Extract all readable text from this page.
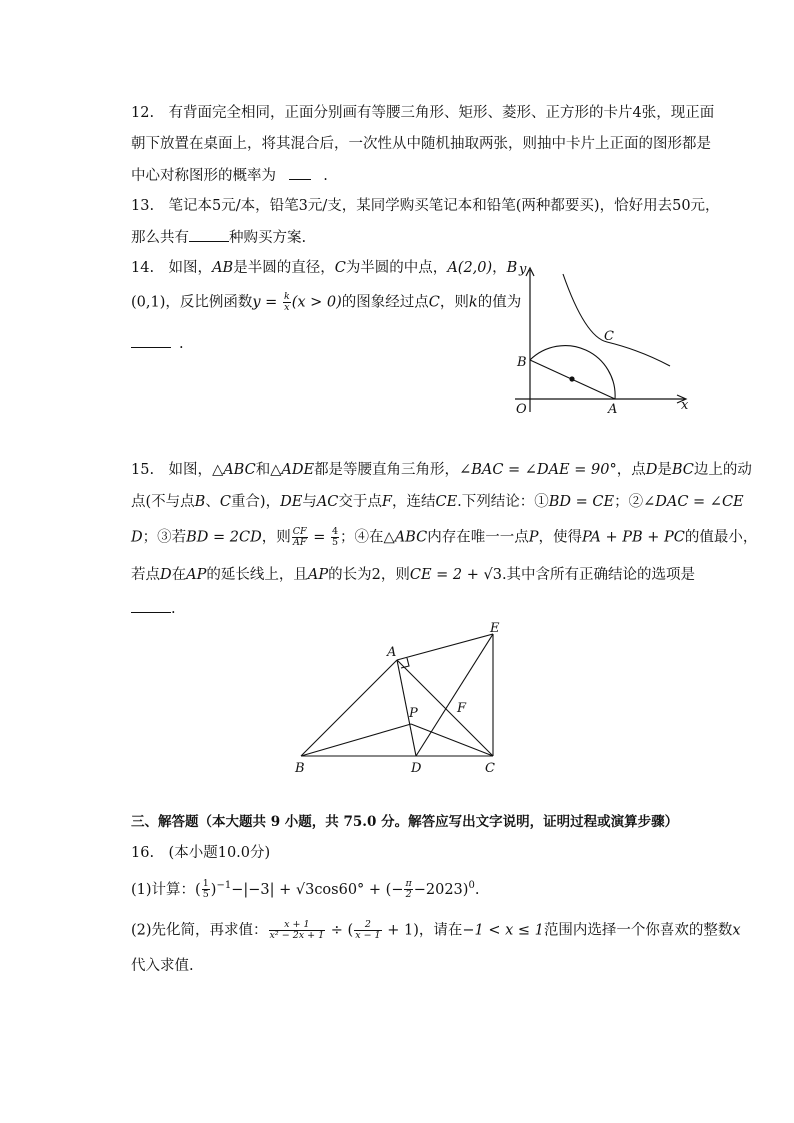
12.　有背面完全相同，正面分别画有等腰三角形、矩形、菱形、正方形的卡片4张，现正面
朝下放置在桌面上，将其混合后，一次性从中随机抽取两张，则抽中卡片上正面的图形都是
中心对称图形的概率为	.
13.　笔记本5元/本，铅笔3元/支，某同学购买笔记本和铅笔(两种都要买)，恰好用去50元，
那么共有	种购买方案.
14.　如图，AB是半圆的直径，C为半圆的中点，A(2,0)，B
(0,1)，反比例函数$y = \frac{k}{x} (x > 0)$的图象经过点C，则k的值为
.
y
x
O	A
B
C
15.　如图，△ABC和△ADE都是等腰直角三角形，∠BAC = ∠DAE = 90°，点D是BC边上的动
点(不与点B、C重合)，DE与AC交于点F，连结CE.下列结论：①BD = CE；②∠DAC = ∠CE
D；③若BD = 2CD，则 $\frac{CF}{AF} = \frac{4}{5}$ ；④在△ABC内存在唯一一点P，使得PA + PB + PC的值最小，
若点D在AP的延长线上，且AP的长为2，则CE = 2 + √3.其中含所有正确结论的选项是
.
A
B	C
D
E
F
P
三、解答题（本大题共 9 小题，共 75.0 分。解答应写出文字说明，证明过程或演算步骤）
16.　(本小题10.0分)
(1)计算：( $\frac{1}{5} )^{-1}-|-3| + √3\cos 60^\circ$ + (− $\frac{\pi}{2} -2023)^0$.
(2)先化简，再求值： $\frac{x + 1}{\text{x² − 2x + 1}}$ ÷ ( $\frac{2}{x - 1} + 1$)，请在−1 < x ≤ 1范围内选择一个你喜欢的整数x
代入求值.
